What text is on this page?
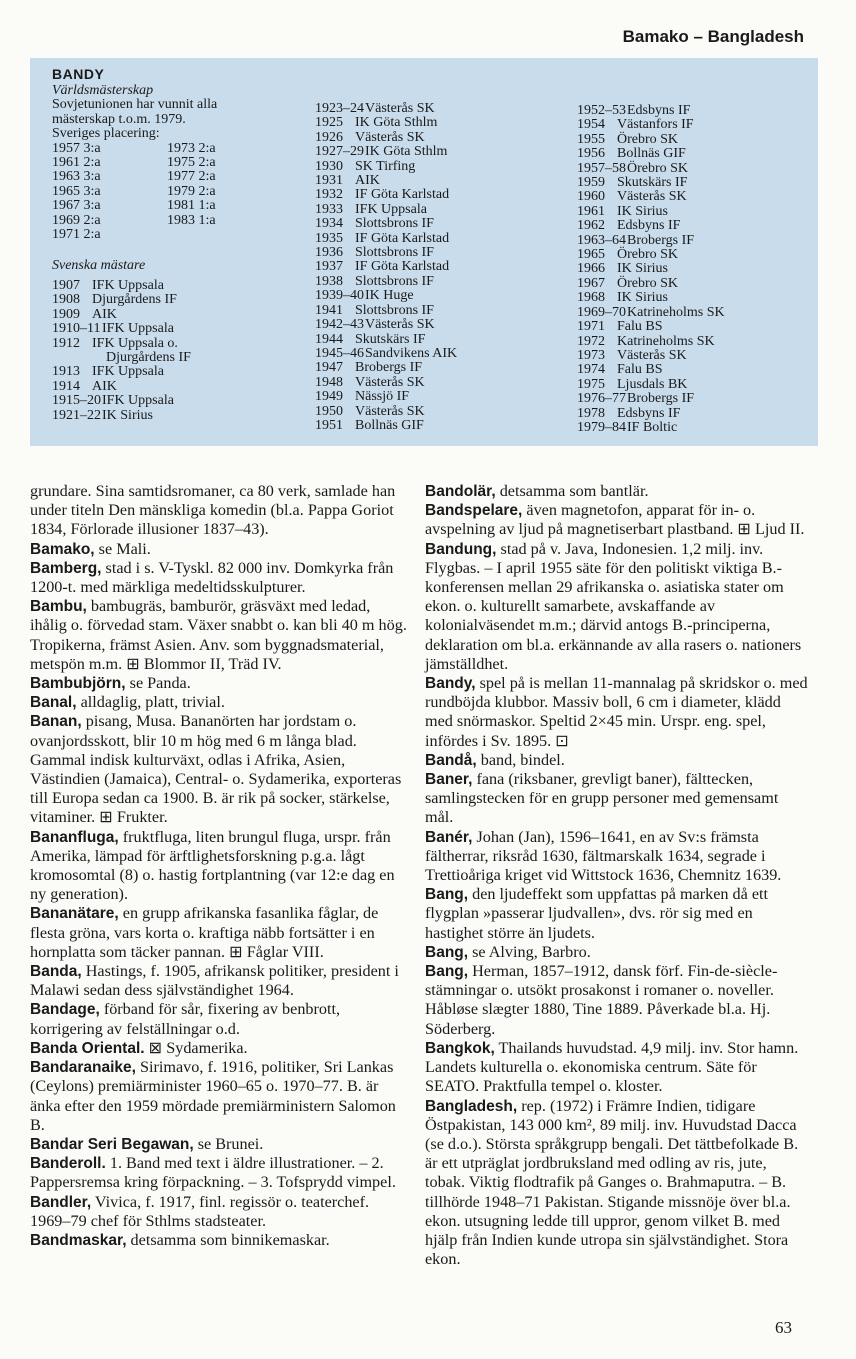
Bamako – Bangladesh
BANDY
Världsmästerskap
Sovjetunionen har vunnit alla mästerskap t.o.m. 1979.
Sveriges placering:
1957 3:a	1973 2:a
1961 2:a	1975 2:a
1963 3:a	1977 2:a
1965 3:a	1979 2:a
1967 3:a	1981 1:a
1969 2:a	1983 1:a
1971 2:a
Svenska mästare
1907 IFK Uppsala
1908 Djurgårdens IF
1909 AIK
1910–11 IFK Uppsala
1912 IFK Uppsala o.
Djurgårdens IF
1913 IFK Uppsala
1914 AIK
1915–20 IFK Uppsala
1921–22 IK Sirius
1923–24 Västerås SK
1925 IK Göta Sthlm
1926 Västerås SK
1927–29 IK Göta Sthlm
1930 SK Tirfing
1931 AIK
1932 IF Göta Karlstad
1933 IFK Uppsala
1934 Slottsbrons IF
1935 IF Göta Karlstad
1936 Slottsbrons IF
1937 IF Göta Karlstad
1938 Slottsbrons IF
1939–40 IK Huge
1941 Slottsbrons IF
1942–43 Västerås SK
1944 Skutskärs IF
1945–46 Sandvikens AIK
1947 Brobergs IF
1948 Västerås SK
1949 Nässjö IF
1950 Västerås SK
1951 Bollnäs GIF
1952–53 Edsbyns IF
1954 Västanfors IF
1955 Örebro SK
1956 Bollnäs GIF
1957–58 Örebro SK
1959 Skutskärs IF
1960 Västerås SK
1961 IK Sirius
1962 Edsbyns IF
1963–64 Brobergs IF
1965 Örebro SK
1966 IK Sirius
1967 Örebro SK
1968 IK Sirius
1969–70 Katrineholms SK
1971 Falu BS
1972 Katrineholms SK
1973 Västerås SK
1974 Falu BS
1975 Ljusdals BK
1976–77 Brobergs IF
1978 Edsbyns IF
1979–84 IF Boltic

grundare. Sina samtidsromaner, ca 80 verk, samlade han under titeln Den mänskliga komedin (bl.a. Pappa Goriot 1834, Förlorade illusioner 1837–43).

Bamako, se Mali.

Bamberg, stad i s. V-Tyskl. 82 000 inv. Domkyrka från 1200-t. med märkliga medeltidsskulpturer.

Bambu, bambugräs, bamburör, gräsväxt med ledad, ihålig o. förvedad stam. Växer snabbt o. kan bli 40 m hög. Tropikerna, främst Asien. Anv. som byggnadsmaterial, metspön m.m. ⊞ Blommor II, Träd IV.

Bambubjörn, se Panda.

Banal, alldaglig, platt, trivial.

Banan, pisang, Musa. Bananörten har jordstam o. ovanjordsskott, blir 10 m hög med 6 m långa blad. Gammal indisk kulturväxt, odlas i Afrika, Asien, Västindien (Jamaica), Central- o. Sydamerika, exporteras till Europa sedan ca 1900. B. är rik på socker, stärkelse, vitaminer. ⊞ Frukter.

Bananfluga, fruktfluga, liten brungul fluga, urspr. från Amerika, lämpad för ärftlighetsforskning p.g.a. lågt kromosomtal (8) o. hastig fortplantning (var 12:e dag en ny generation).

Bananätare, en grupp afrikanska fasanlika fåglar, de flesta gröna, vars korta o. kraftiga näbb fortsätter i en hornplatta som täcker pannan. ⊞ Fåglar VIII.

Banda, Hastings, f. 1905, afrikansk politiker, president i Malawi sedan dess självständighet 1964.

Bandage, förband för sår, fixering av benbrott, korrigering av felställningar o.d.

Banda Oriental. ⊠ Sydamerika.

Bandaranaike, Sirimavo, f. 1916, politiker, Sri Lankas (Ceylons) premiärminister 1960–65 o. 1970–77. B. är änka efter den 1959 mördade premiärministern Salomon B.

Bandar Seri Begawan, se Brunei.

Banderoll. 1. Band med text i äldre illustrationer. – 2. Pappersremsa kring förpackning. – 3. Tofsprydd vimpel.

Bandler, Vivica, f. 1917, finl. regissör o. teaterchef. 1969–79 chef för Sthlms stadsteater.

Bandmaskar, detsamma som binnikemaskar.

Bandolär, detsamma som bantlär.

Bandspelare, även magnetofon, apparat för in- o. avspelning av ljud på magnetiserbart plastband. ⊞ Ljud II.

Bandung, stad på v. Java, Indonesien. 1,2 milj. inv. Flygbas. – I april 1955 säte för den politiskt viktiga B.-konferensen mellan 29 afrikanska o. asiatiska stater om ekon. o. kulturellt samarbete, avskaffande av kolonialväsendet m.m.; därvid antogs B.-principerna, deklaration om bl.a. erkännande av alla rasers o. nationers jämställdhet.

Bandy, spel på is mellan 11-mannalag på skridskor o. med rundböjda klubbor. Massiv boll, 6 cm i diameter, klädd med snörmaskor. Speltid 2×45 min. Urspr. eng. spel, infördes i Sv. 1895. ⊡

Bandå, band, bindel.

Baner, fana (riksbaner, grevligt baner), fälttecken, samlingstecken för en grupp personer med gemensamt mål.

Banér, Johan (Jan), 1596–1641, en av Sv:s främsta fältherrar, riksråd 1630, fältmarskalk 1634, segrade i Trettioåriga kriget vid Wittstock 1636, Chemnitz 1639.

Bang, den ljudeffekt som uppfattas på marken då ett flygplan »passerar ljudvallen», dvs. rör sig med en hastighet större än ljudets.

Bang, se Alving, Barbro.

Bang, Herman, 1857–1912, dansk förf. Fin-de-siècle-stämningar o. utsökt prosakonst i romaner o. noveller. Håbløse slægter 1880, Tine 1889. Påverkade bl.a. Hj. Söderberg.

Bangkok, Thailands huvudstad. 4,9 milj. inv. Stor hamn. Landets kulturella o. ekonomiska centrum. Säte för SEATO. Praktfulla tempel o. kloster.

Bangladesh, rep. (1972) i Främre Indien, tidigare Östpakistan, 143 000 km², 89 milj. inv. Huvudstad Dacca (se d.o.). Största språkgrupp bengali. Det tättbefolkade B. är ett utpräglat jordbruksland med odling av ris, jute, tobak. Viktig flodtrafik på Ganges o. Brahmaputra. – B. tillhörde 1948–71 Pakistan. Stigande missnöje över bl.a. ekon. utsugning ledde till uppror, genom vilket B. med hjälp från Indien kunde utropa sin självständighet. Stora ekon.

63
